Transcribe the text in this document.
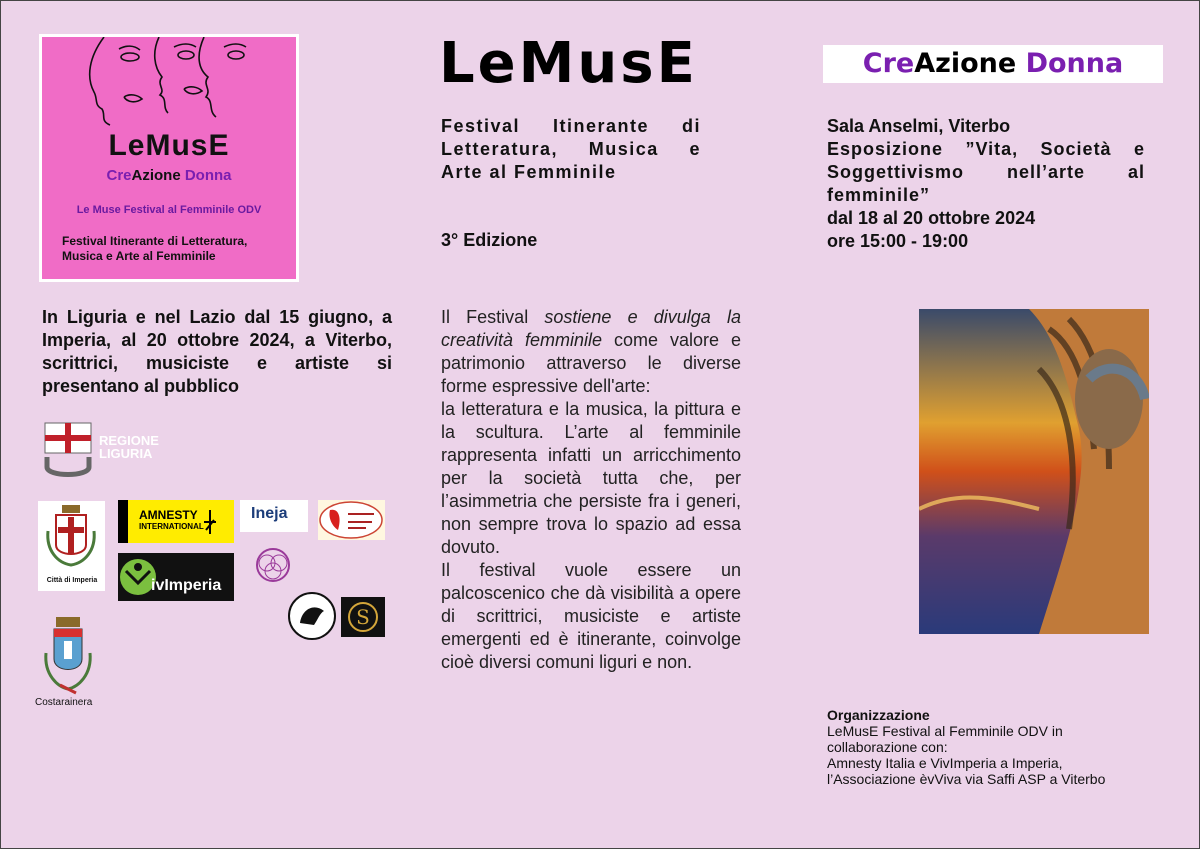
LeMusE
CreAzione Donna
Le Muse Festival al Femminile ODV
Festival Itinerante di Letteratura,
Musica e Arte al Femminile
LeMusE
Festival Itinerante di
Letteratura, Musica e
Arte al Femminile
3° Edizione
CreAzione Donna
Sala Anselmi, Viterbo
Esposizione ”Vita, Società e
Soggettivismo nell’arte al
femminile”
dal 18 al 20 ottobre 2024
ore 15:00 - 19:00
In Liguria e nel Lazio dal 15 giugno, a Imperia, al 20 ottobre 2024, a Viterbo, scrittrici, musiciste e artiste si presentano al pubblico
Il Festival sostiene e divulga la creatività femminile come valore e patrimonio attraverso le diverse forme espressive dell'arte:
la letteratura e la musica, la pittura e la scultura. L’arte al femminile rappresenta infatti un arricchimento per la società tutta che, per l’asimmetria che persiste fra i generi, non sempre trova lo spazio ad essa dovuto.
Il festival vuole essere un palcoscenico che dà visibilità a opere di scrittrici, musiciste e artiste emergenti ed è itinerante, coinvolge cioè diversi comuni liguri e non.
REGIONE
LIGURIA
Città di Imperia
AMNESTY
INTERNATIONAL
Ineja
ivImperia
S
Costarainera
Organizzazione
LeMusE Festival al Femminile ODV in
collaborazione con:
Amnesty Italia e VivImperia a Imperia,
l’Associazione èvViva via Saffi ASP a Viterbo
